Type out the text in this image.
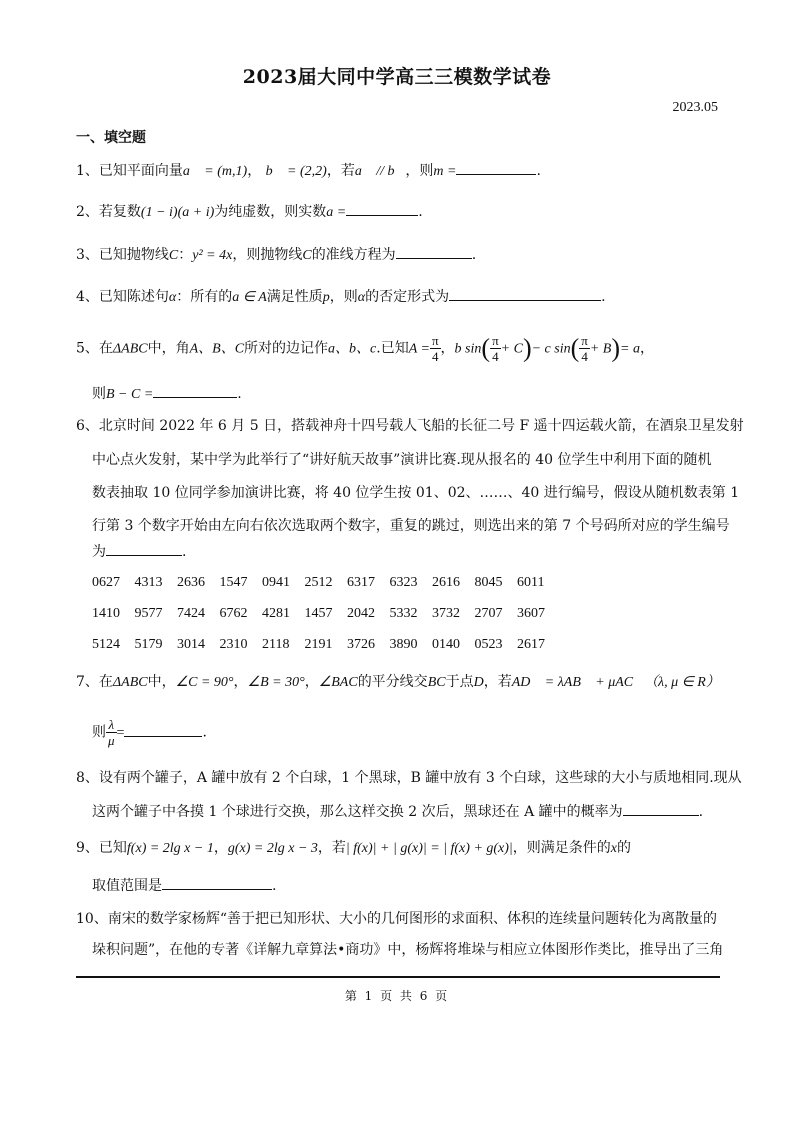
2023届大同中学高三三模数学试卷
2023.05
一、填空题
1、已知平面向量a⃗ = (m,1)， b⃗ = (2,2)，若a⃗ // b⃗，则m =	.
2、若复数(1 − i)(a + i)为纯虚数，则实数a =	.
3、已知抛物线C：y² = 4x，则抛物线C的准线方程为	.
4、已知陈述句α：所有的a ∈ A满足性质p，则α的否定形式为	.
5、在ΔABC中，角A、B、C所对的边记作a、b、c.已知$A = \frac{\pi}{4}$ ，b $\sin( \frac{\pi}{4} + C)- c$ $\sin( \frac{\pi}{4} + B)= a$，
则B − C =	.
6、北京时间 2022 年 6 月 5 日，搭载神舟十四号载人飞船的长征二号 F 遥十四运载火箭，在酒泉卫星发射
中心点火发射，某中学为此举行了“讲好航天故事”演讲比赛.现从报名的 40 位学生中利用下面的随机
数表抽取 10 位同学参加演讲比赛，将 40 位学生按 01、02、……、40 进行编号，假设从随机数表第 1
行第 3 个数字开始由左向右依次选取两个数字，重复的跳过，则选出来的第 7 个号码所对应的学生编号
为	.
0627 4313 2636 1547 0941 2512 6317 6323 2616 8045 6011
1410 9577 7424 6762 4281 1457 2042 5332 3732 2707 3607
5124 5179 3014 2310 2118 2191 3726 3890 0140 0523 2617
7、在ΔABC中，∠C = 90°，∠B = 30°，∠BAC的平分线交BC于点D，若AD⃗ = λAB⃗ + μAC⃗（λ, μ ∈ R）
则 $\frac{\lambda}{\mu}$ =	.
8、设有两个罐子，A 罐中放有 2 个白球，1 个黑球，B 罐中放有 3 个白球，这些球的大小与质地相同.现从
这两个罐子中各摸 1 个球进行交换，那么这样交换 2 次后，黑球还在 A 罐中的概率为	.
9、已知f(x) = 2lg x − 1，g(x) = 2lg x − 3，若| f(x)| + | g(x)| = | f(x) + g(x)|，则满足条件的x的
取值范围是	.
10、南宋的数学家杨辉“善于把已知形状、大小的几何图形的求面积、体积的连续量问题转化为离散量的
垛积问题”，在他的专著《详解九章算法•商功》中，杨辉将堆垛与相应立体图形作类比，推导出了三角
第 1 页 共 6 页
